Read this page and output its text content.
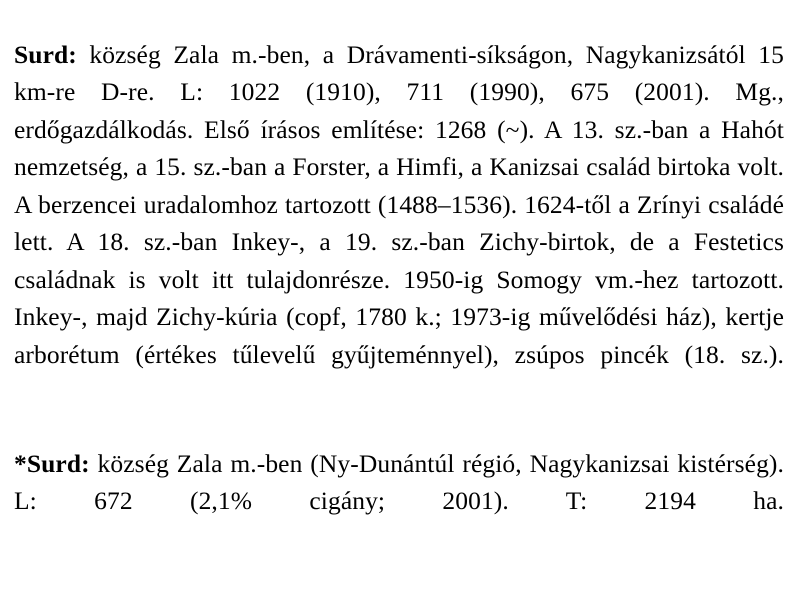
Surd: község Zala m.-ben, a Drávamenti-síkságon, Nagykanizsától 15 km-re D-re. L: 1022 (1910), 711 (1990), 675 (2001). Mg., erdőgazdálkodás. Első írásos említése: 1268 (~). A 13. sz.-ban a Hahót nemzetség, a 15. sz.-ban a Forster, a Himfi, a Kanizsai család birtoka volt. A berzencei uradalomhoz tartozott (1488–1536). 1624-től a Zrínyi családé lett. A 18. sz.-ban Inkey-, a 19. sz.-ban Zichy-birtok, de a Festetics családnak is volt itt tulajdonrésze. 1950-ig Somogy vm.-hez tartozott. Inkey-, majd Zichy-kúria (copf, 1780 k.; 1973-ig művelődési ház), kertje arborétum (értékes tűlevelű gyűjteménnyel), zsúpos pincék (18. sz.).

*Surd: község Zala m.-ben (Ny-Dunántúl régió, Nagykanizsai kistérség). L: 672 (2,1% cigány; 2001). T: 2194 ha.
